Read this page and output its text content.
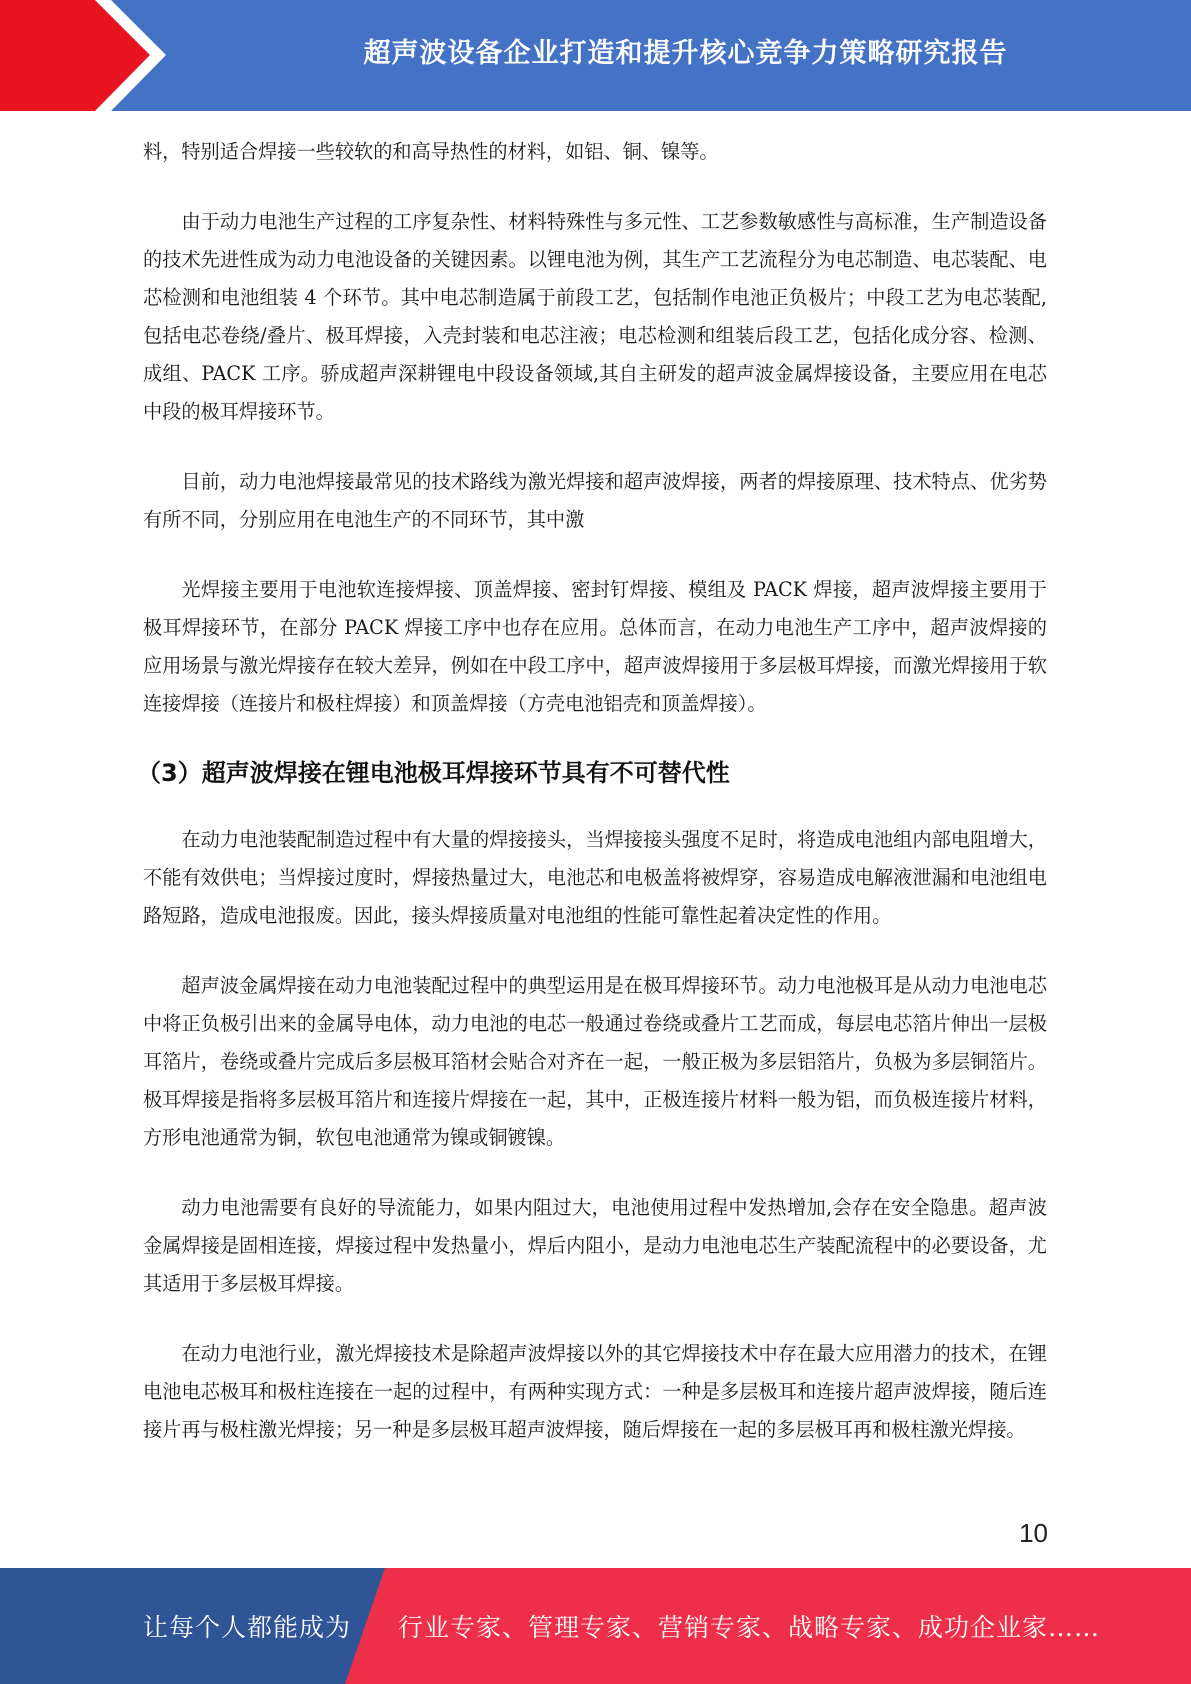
超声波设备企业打造和提升核心竞争力策略研究报告

料，特别适合焊接一些较软的和高导热性的材料，如铝、铜、镍等。

由于动力电池生产过程的工序复杂性、材料特殊性与多元性、工艺参数敏感性与高标准，生产制造设备的技术先进性成为动力电池设备的关键因素。以锂电池为例，其生产工艺流程分为电芯制造、电芯装配、电芯检测和电池组装 4 个环节。其中电芯制造属于前段工艺，包括制作电池正负极片；中段工艺为电芯装配,包括电芯卷绕/叠片、极耳焊接，入壳封装和电芯注液；电芯检测和组装后段工艺，包括化成分容、检测、成组、PACK 工序。骄成超声深耕锂电中段设备领域,其自主研发的超声波金属焊接设备，主要应用在电芯中段的极耳焊接环节。

目前，动力电池焊接最常见的技术路线为激光焊接和超声波焊接，两者的焊接原理、技术特点、优劣势有所不同，分别应用在电池生产的不同环节，其中激

光焊接主要用于电池软连接焊接、顶盖焊接、密封钉焊接、模组及 PACK 焊接，超声波焊接主要用于极耳焊接环节，在部分 PACK 焊接工序中也存在应用。总体而言，在动力电池生产工序中，超声波焊接的应用场景与激光焊接存在较大差异，例如在中段工序中，超声波焊接用于多层极耳焊接，而激光焊接用于软连接焊接（连接片和极柱焊接）和顶盖焊接（方壳电池铝壳和顶盖焊接）。

（3）超声波焊接在锂电池极耳焊接环节具有不可替代性

在动力电池装配制造过程中有大量的焊接接头，当焊接接头强度不足时，将造成电池组内部电阻增大，不能有效供电；当焊接过度时，焊接热量过大，电池芯和电极盖将被焊穿，容易造成电解液泄漏和电池组电路短路，造成电池报废。因此，接头焊接质量对电池组的性能可靠性起着决定性的作用。

超声波金属焊接在动力电池装配过程中的典型运用是在极耳焊接环节。动力电池极耳是从动力电池电芯中将正负极引出来的金属导电体，动力电池的电芯一般通过卷绕或叠片工艺而成，每层电芯箔片伸出一层极耳箔片，卷绕或叠片完成后多层极耳箔材会贴合对齐在一起，一般正极为多层铝箔片，负极为多层铜箔片。极耳焊接是指将多层极耳箔片和连接片焊接在一起，其中，正极连接片材料一般为铝，而负极连接片材料，方形电池通常为铜，软包电池通常为镍或铜镀镍。

动力电池需要有良好的导流能力，如果内阻过大，电池使用过程中发热增加,会存在安全隐患。超声波金属焊接是固相连接，焊接过程中发热量小，焊后内阻小，是动力电池电芯生产装配流程中的必要设备，尤其适用于多层极耳焊接。

在动力电池行业，激光焊接技术是除超声波焊接以外的其它焊接技术中存在最大应用潜力的技术，在锂电池电芯极耳和极柱连接在一起的过程中，有两种实现方式：一种是多层极耳和连接片超声波焊接，随后连接片再与极柱激光焊接；另一种是多层极耳超声波焊接，随后焊接在一起的多层极耳再和极柱激光焊接。

10
让每个人都能成为 行业专家、管理专家、营销专家、战略专家、成功企业家……
